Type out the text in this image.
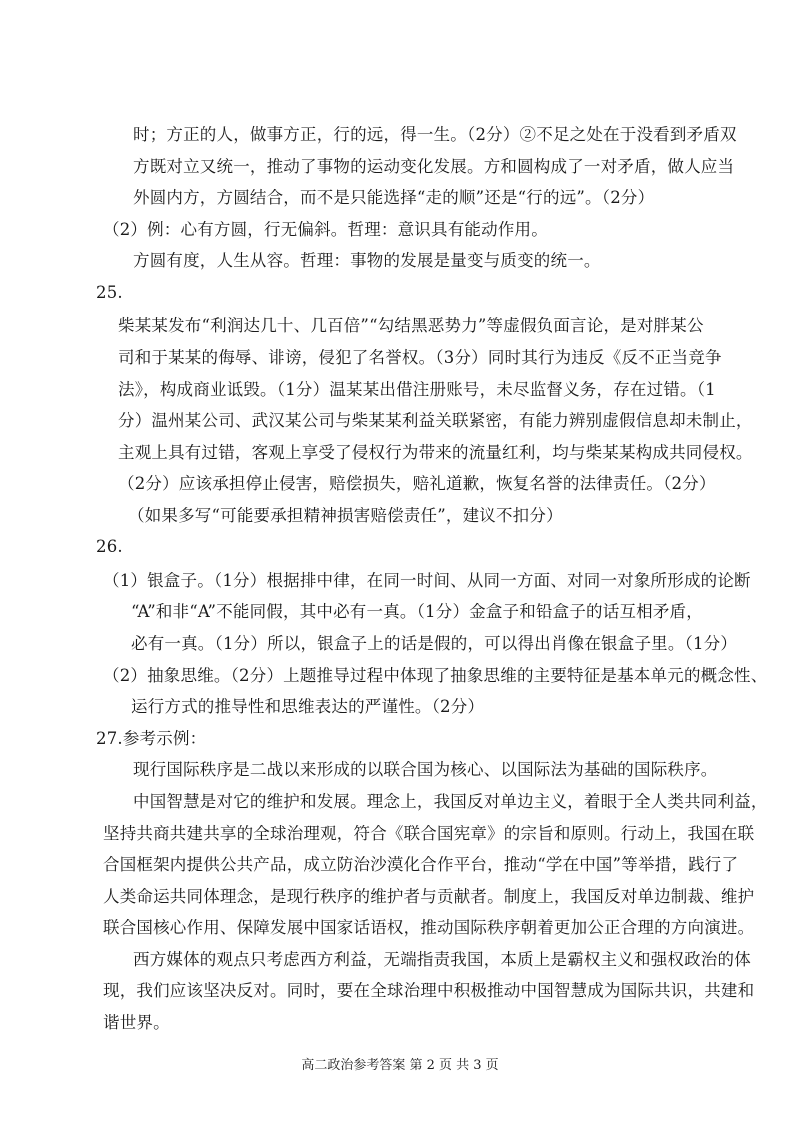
时；方正的人，做事方正，行的远，得一生。（2分）②不足之处在于没看到矛盾双
方既对立又统一，推动了事物的运动变化发展。方和圆构成了一对矛盾，做人应当
外圆内方，方圆结合，而不是只能选择“走的顺”还是“行的远”。（2分）
（2）例：心有方圆，行无偏斜。哲理：意识具有能动作用。
方圆有度，人生从容。哲理：事物的发展是量变与质变的统一。
25.
柴某某发布“利润达几十、几百倍”“勾结黑恶势力”等虚假负面言论，是对胖某公
司和于某某的侮辱、诽谤，侵犯了名誉权。（3分）同时其行为违反《反不正当竞争
法》，构成商业诋毁。（1分）温某某出借注册账号，未尽监督义务，存在过错。（1
分）温州某公司、武汉某公司与柴某某利益关联紧密，有能力辨别虚假信息却未制止，
主观上具有过错，客观上享受了侵权行为带来的流量红利，均与柴某某构成共同侵权。
（2分）应该承担停止侵害，赔偿损失，赔礼道歉，恢复名誉的法律责任。（2分）
（如果多写“可能要承担精神损害赔偿责任”，建议不扣分）
26.
（1）银盒子。（1分）根据排中律，在同一时间、从同一方面、对同一对象所形成的论断
“A”和非“A”不能同假，其中必有一真。（1分）金盒子和铅盒子的话互相矛盾，
必有一真。（1分）所以，银盒子上的话是假的，可以得出肖像在银盒子里。（1分）
（2）抽象思维。（2分）上题推导过程中体现了抽象思维的主要特征是基本单元的概念性、
运行方式的推导性和思维表达的严谨性。（2分）
27.参考示例：
现行国际秩序是二战以来形成的以联合国为核心、以国际法为基础的国际秩序。
中国智慧是对它的维护和发展。理念上，我国反对单边主义，着眼于全人类共同利益，
坚持共商共建共享的全球治理观，符合《联合国宪章》的宗旨和原则。行动上，我国在联
合国框架内提供公共产品，成立防治沙漠化合作平台，推动“学在中国”等举措，践行了
人类命运共同体理念，是现行秩序的维护者与贡献者。制度上，我国反对单边制裁、维护
联合国核心作用、保障发展中国家话语权，推动国际秩序朝着更加公正合理的方向演进。
西方媒体的观点只考虑西方利益，无端指责我国，本质上是霸权主义和强权政治的体
现，我们应该坚决反对。同时，要在全球治理中积极推动中国智慧成为国际共识，共建和
谐世界。
高二政治参考答案 第 2 页 共 3 页
